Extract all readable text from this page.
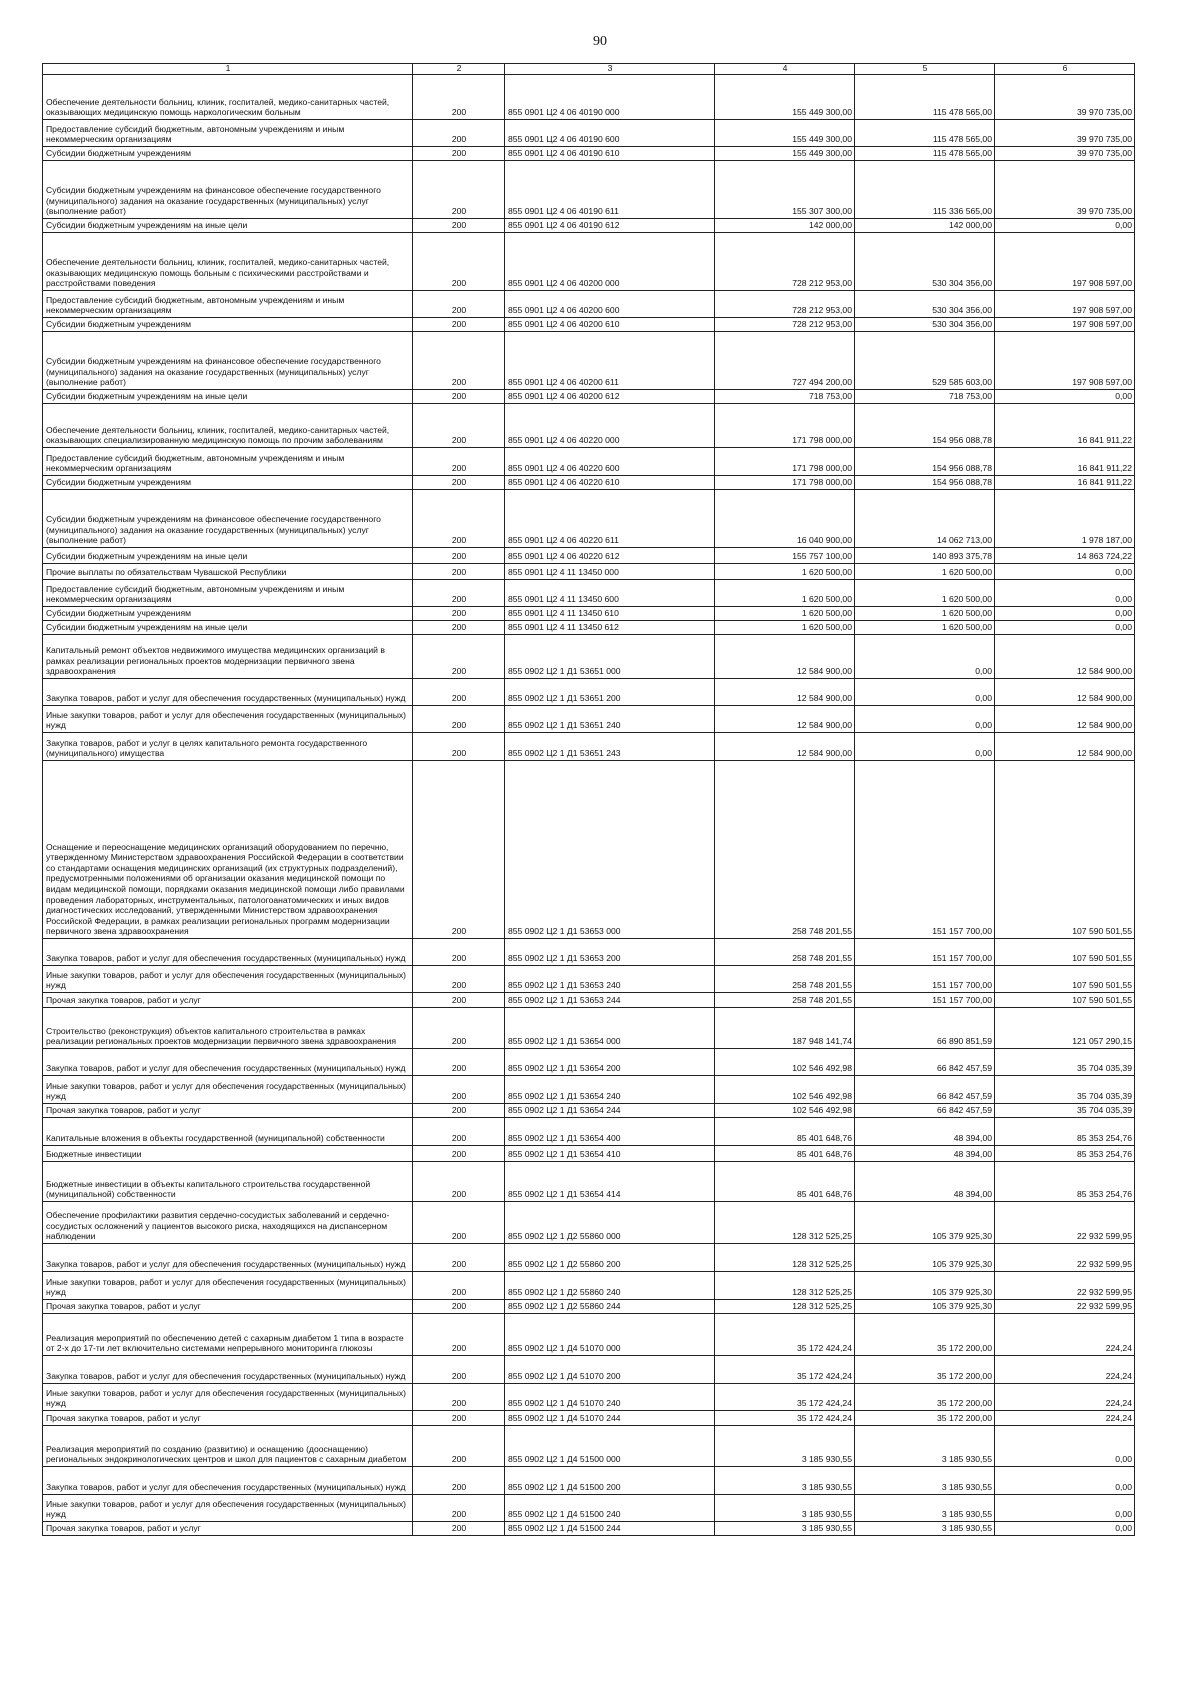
90
1	2	3	4	5	6
Обеспечение деятельности больниц, клиник, госпиталей, медико-санитарных частей, оказывающих медицинскую помощь наркологическим больным	200	855 0901 Ц2 4 06 40190 000	155 449 300,00	115 478 565,00	39 970 735,00
Предоставление субсидий бюджетным, автономным учреждениям и иным некоммерческим организациям	200	855 0901 Ц2 4 06 40190 600	155 449 300,00	115 478 565,00	39 970 735,00
Субсидии бюджетным учреждениям	200	855 0901 Ц2 4 06 40190 610	155 449 300,00	115 478 565,00	39 970 735,00
Субсидии бюджетным учреждениям на финансовое обеспечение государственного (муниципального) задания на оказание государственных (муниципальных) услуг (выполнение работ)	200	855 0901 Ц2 4 06 40190 611	155 307 300,00	115 336 565,00	39 970 735,00
Субсидии бюджетным учреждениям на иные цели	200	855 0901 Ц2 4 06 40190 612	142 000,00	142 000,00	0,00
Обеспечение деятельности больниц, клиник, госпиталей, медико-санитарных частей, оказывающих медицинскую помощь больным с психическими расстройствами и расстройствами поведения	200	855 0901 Ц2 4 06 40200 000	728 212 953,00	530 304 356,00	197 908 597,00
Предоставление субсидий бюджетным, автономным учреждениям и иным некоммерческим организациям	200	855 0901 Ц2 4 06 40200 600	728 212 953,00	530 304 356,00	197 908 597,00
Субсидии бюджетным учреждениям	200	855 0901 Ц2 4 06 40200 610	728 212 953,00	530 304 356,00	197 908 597,00
Субсидии бюджетным учреждениям на финансовое обеспечение государственного (муниципального) задания на оказание государственных (муниципальных) услуг (выполнение работ)	200	855 0901 Ц2 4 06 40200 611	727 494 200,00	529 585 603,00	197 908 597,00
Субсидии бюджетным учреждениям на иные цели	200	855 0901 Ц2 4 06 40200 612	718 753,00	718 753,00	0,00
Обеспечение деятельности больниц, клиник, госпиталей, медико-санитарных частей, оказывающих специализированную медицинскую помощь по прочим заболеваниям	200	855 0901 Ц2 4 06 40220 000	171 798 000,00	154 956 088,78	16 841 911,22
Предоставление субсидий бюджетным, автономным учреждениям и иным некоммерческим организациям	200	855 0901 Ц2 4 06 40220 600	171 798 000,00	154 956 088,78	16 841 911,22
Субсидии бюджетным учреждениям	200	855 0901 Ц2 4 06 40220 610	171 798 000,00	154 956 088,78	16 841 911,22
Субсидии бюджетным учреждениям на финансовое обеспечение государственного (муниципального) задания на оказание государственных (муниципальных) услуг (выполнение работ)	200	855 0901 Ц2 4 06 40220 611	16 040 900,00	14 062 713,00	1 978 187,00
Субсидии бюджетным учреждениям на иные цели	200	855 0901 Ц2 4 06 40220 612	155 757 100,00	140 893 375,78	14 863 724,22
Прочие выплаты по обязательствам Чувашской Республики	200	855 0901 Ц2 4 11 13450 000	1 620 500,00	1 620 500,00	0,00
Предоставление субсидий бюджетным, автономным учреждениям и иным некоммерческим организациям	200	855 0901 Ц2 4 11 13450 600	1 620 500,00	1 620 500,00	0,00
Субсидии бюджетным учреждениям	200	855 0901 Ц2 4 11 13450 610	1 620 500,00	1 620 500,00	0,00
Субсидии бюджетным учреждениям на иные цели	200	855 0901 Ц2 4 11 13450 612	1 620 500,00	1 620 500,00	0,00
Капитальный ремонт объектов недвижимого имущества медицинских организаций в рамках реализации региональных проектов модернизации первичного звена здравоохранения	200	855 0902 Ц2 1 Д1 53651 000	12 584 900,00	0,00	12 584 900,00
Закупка товаров, работ и услуг для обеспечения государственных (муниципальных) нужд	200	855 0902 Ц2 1 Д1 53651 200	12 584 900,00	0,00	12 584 900,00
Иные закупки товаров, работ и услуг для обеспечения государственных (муниципальных) нужд	200	855 0902 Ц2 1 Д1 53651 240	12 584 900,00	0,00	12 584 900,00
Закупка товаров, работ и услуг в целях капитального ремонта государственного (муниципального) имущества	200	855 0902 Ц2 1 Д1 53651 243	12 584 900,00	0,00	12 584 900,00
Оснащение и переоснащение медицинских организаций оборудованием по перечню, утвержденному Министерством здравоохранения Российской Федерации в соответствии со стандартами оснащения медицинских организаций (их структурных подразделений), предусмотренными положениями об организации оказания медицинской помощи по видам медицинской помощи, порядками оказания медицинской помощи либо правилами проведения лабораторных, инструментальных, патологоанатомических и иных видов диагностических исследований, утвержденными Министерством здравоохранения Российской Федерации, в рамках реализации региональных программ модернизации первичного звена здравоохранения	200	855 0902 Ц2 1 Д1 53653 000	258 748 201,55	151 157 700,00	107 590 501,55
Закупка товаров, работ и услуг для обеспечения государственных (муниципальных) нужд	200	855 0902 Ц2 1 Д1 53653 200	258 748 201,55	151 157 700,00	107 590 501,55
Иные закупки товаров, работ и услуг для обеспечения государственных (муниципальных) нужд	200	855 0902 Ц2 1 Д1 53653 240	258 748 201,55	151 157 700,00	107 590 501,55
Прочая закупка товаров, работ и услуг	200	855 0902 Ц2 1 Д1 53653 244	258 748 201,55	151 157 700,00	107 590 501,55
Строительство (реконструкция) объектов капитального строительства в рамках реализации региональных проектов модернизации первичного звена здравоохранения	200	855 0902 Ц2 1 Д1 53654 000	187 948 141,74	66 890 851,59	121 057 290,15
Закупка товаров, работ и услуг для обеспечения государственных (муниципальных) нужд	200	855 0902 Ц2 1 Д1 53654 200	102 546 492,98	66 842 457,59	35 704 035,39
Иные закупки товаров, работ и услуг для обеспечения государственных (муниципальных) нужд	200	855 0902 Ц2 1 Д1 53654 240	102 546 492,98	66 842 457,59	35 704 035,39
Прочая закупка товаров, работ и услуг	200	855 0902 Ц2 1 Д1 53654 244	102 546 492,98	66 842 457,59	35 704 035,39
Капитальные вложения в объекты государственной (муниципальной) собственности	200	855 0902 Ц2 1 Д1 53654 400	85 401 648,76	48 394,00	85 353 254,76
Бюджетные инвестиции	200	855 0902 Ц2 1 Д1 53654 410	85 401 648,76	48 394,00	85 353 254,76
Бюджетные инвестиции в объекты капитального строительства государственной (муниципальной) собственности	200	855 0902 Ц2 1 Д1 53654 414	85 401 648,76	48 394,00	85 353 254,76
Обеспечение профилактики развития сердечно-сосудистых заболеваний и сердечно-сосудистых осложнений у пациентов высокого риска, находящихся на диспансерном наблюдении	200	855 0902 Ц2 1 Д2 55860 000	128 312 525,25	105 379 925,30	22 932 599,95
Закупка товаров, работ и услуг для обеспечения государственных (муниципальных) нужд	200	855 0902 Ц2 1 Д2 55860 200	128 312 525,25	105 379 925,30	22 932 599,95
Иные закупки товаров, работ и услуг для обеспечения государственных (муниципальных) нужд	200	855 0902 Ц2 1 Д2 55860 240	128 312 525,25	105 379 925,30	22 932 599,95
Прочая закупка товаров, работ и услуг	200	855 0902 Ц2 1 Д2 55860 244	128 312 525,25	105 379 925,30	22 932 599,95
Реализация мероприятий по обеспечению детей с сахарным диабетом 1 типа в возрасте от 2-х до 17-ти лет включительно системами непрерывного мониторинга глюкозы	200	855 0902 Ц2 1 Д4 51070 000	35 172 424,24	35 172 200,00	224,24
Закупка товаров, работ и услуг для обеспечения государственных (муниципальных) нужд	200	855 0902 Ц2 1 Д4 51070 200	35 172 424,24	35 172 200,00	224,24
Иные закупки товаров, работ и услуг для обеспечения государственных (муниципальных) нужд	200	855 0902 Ц2 1 Д4 51070 240	35 172 424,24	35 172 200,00	224,24
Прочая закупка товаров, работ и услуг	200	855 0902 Ц2 1 Д4 51070 244	35 172 424,24	35 172 200,00	224,24
Реализация мероприятий по созданию (развитию) и оснащению (дооснащению) региональных эндокринологических центров и школ для пациентов с сахарным диабетом	200	855 0902 Ц2 1 Д4 51500 000	3 185 930,55	3 185 930,55	0,00
Закупка товаров, работ и услуг для обеспечения государственных (муниципальных) нужд	200	855 0902 Ц2 1 Д4 51500 200	3 185 930,55	3 185 930,55	0,00
Иные закупки товаров, работ и услуг для обеспечения государственных (муниципальных) нужд	200	855 0902 Ц2 1 Д4 51500 240	3 185 930,55	3 185 930,55	0,00
Прочая закупка товаров, работ и услуг	200	855 0902 Ц2 1 Д4 51500 244	3 185 930,55	3 185 930,55	0,00
